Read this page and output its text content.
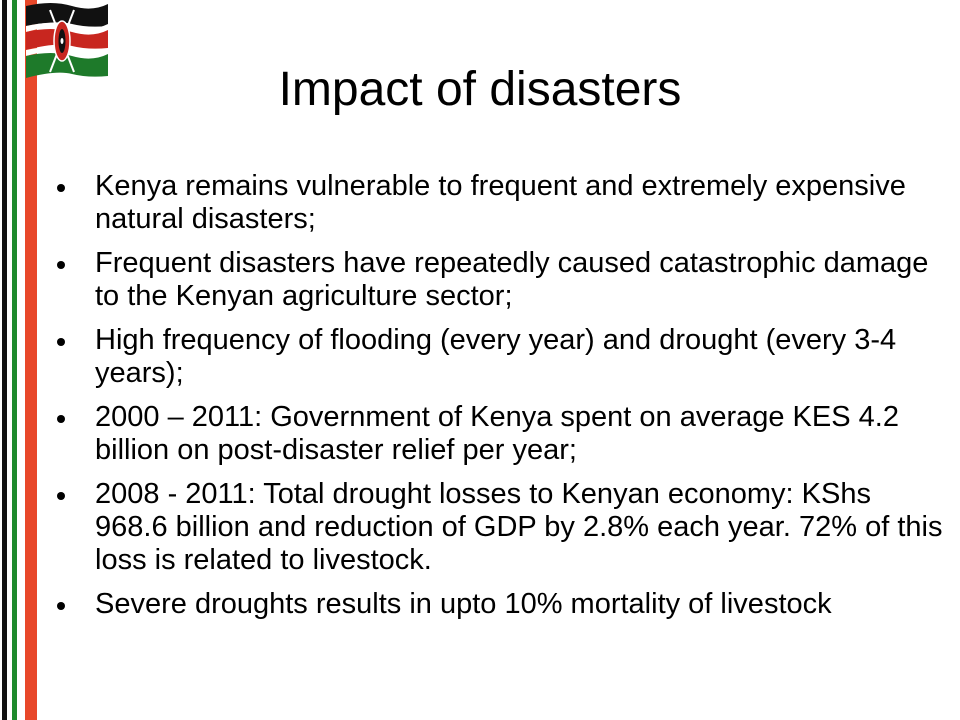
Impact of disasters
Kenya remains vulnerable to frequent and extremely expensive natural disasters;
Frequent disasters have repeatedly caused catastrophic damage to the Kenyan agriculture sector;
High frequency of flooding (every year) and drought (every 3-4 years);
2000 – 2011: Government of Kenya spent on average KES 4.2 billion on post-disaster relief per year;
2008 - 2011: Total drought losses to Kenyan economy: KShs 968.6 billion and reduction of GDP by 2.8% each year. 72% of this loss is related to livestock.
Severe droughts results in upto 10% mortality of livestock
